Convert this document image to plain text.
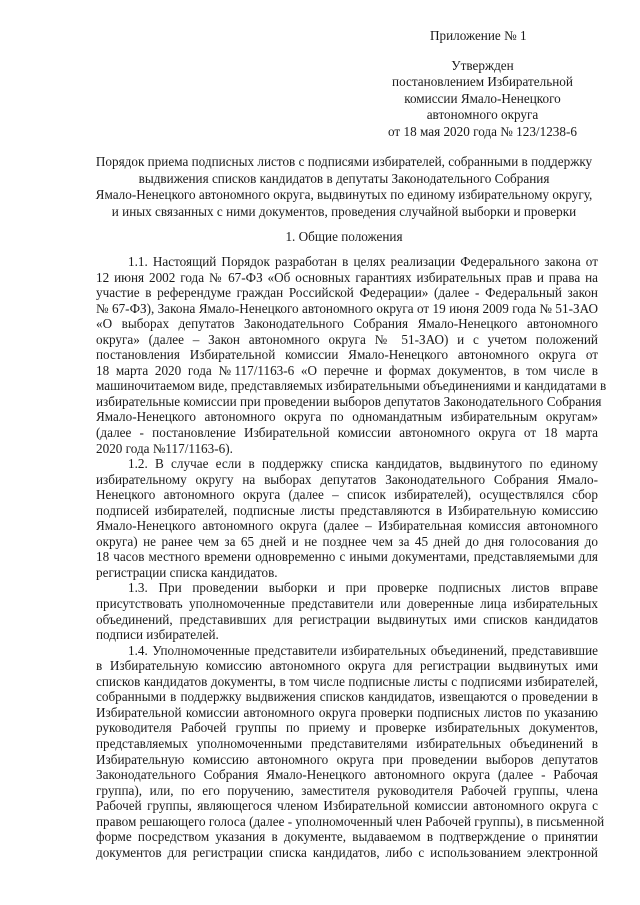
Приложение № 1
Утвержден
постановлением Избирательной
комиссии Ямало-Ненецкого
автономного округа
от 18 мая 2020 года № 123/1238-6
Порядок приема подписных листов с подписями избирателей, собранными в поддержку
выдвижения списков кандидатов в депутаты Законодательного Собрания
Ямало-Ненецкого автономного округа, выдвинутых по единому избирательному округу,
и иных связанных с ними документов, проведения случайной выборки и проверки
1. Общие положения
1.1. Настоящий Порядок разработан в целях реализации Федерального закона от
12 июня 2002 года № 67-ФЗ «Об основных гарантиях избирательных прав и права на
участие в референдуме граждан Российской Федерации» (далее - Федеральный закон
№ 67-ФЗ), Закона Ямало-Ненецкого автономного округа от 19 июня 2009 года № 51-ЗАО
«О выборах депутатов Законодательного Собрания Ямало-Ненецкого автономного
округа» (далее – Закон автономного округа № 51-ЗАО) и с учетом положений
постановления Избирательной комиссии Ямало-Ненецкого автономного округа от
18 марта 2020 года №117/1163-6 «О перечне и формах документов, в том числе в
машиночитаемом виде, представляемых избирательными объединениями и кандидатами в
избирательные комиссии при проведении выборов депутатов Законодательного Собрания
Ямало-Ненецкого автономного округа по одномандатным избирательным округам»
(далее - постановление Избирательной комиссии автономного округа от 18 марта
2020 года №117/1163-6).
1.2. В случае если в поддержку списка кандидатов, выдвинутого по единому
избирательному округу на выборах депутатов Законодательного Собрания Ямало-
Ненецкого автономного округа (далее – список избирателей), осуществлялся сбор
подписей избирателей, подписные листы представляются в Избирательную комиссию
Ямало-Ненецкого автономного округа (далее – Избирательная комиссия автономного
округа) не ранее чем за 65 дней и не позднее чем за 45 дней до дня голосования до
18 часов местного времени одновременно с иными документами, представляемыми для
регистрации списка кандидатов.
1.3. При проведении выборки и при проверке подписных листов вправе
присутствовать уполномоченные представители или доверенные лица избирательных
объединений, представивших для регистрации выдвинутых ими списков кандидатов
подписи избирателей.
1.4. Уполномоченные представители избирательных объединений, представившие
в Избирательную комиссию автономного округа для регистрации выдвинутых ими
списков кандидатов документы, в том числе подписные листы с подписями избирателей,
собранными в поддержку выдвижения списков кандидатов, извещаются о проведении в
Избирательной комиссии автономного округа проверки подписных листов по указанию
руководителя Рабочей группы по приему и проверке избирательных документов,
представляемых уполномоченными представителями избирательных объединений в
Избирательную комиссию автономного округа при проведении выборов депутатов
Законодательного Собрания Ямало-Ненецкого автономного округа (далее - Рабочая
группа), или, по его поручению, заместителя руководителя Рабочей группы, члена
Рабочей группы, являющегося членом Избирательной комиссии автономного округа с
правом решающего голоса (далее - уполномоченный член Рабочей группы), в письменной
форме посредством указания в документе, выдаваемом в подтверждение о принятии
документов для регистрации списка кандидатов, либо с использованием электронной
